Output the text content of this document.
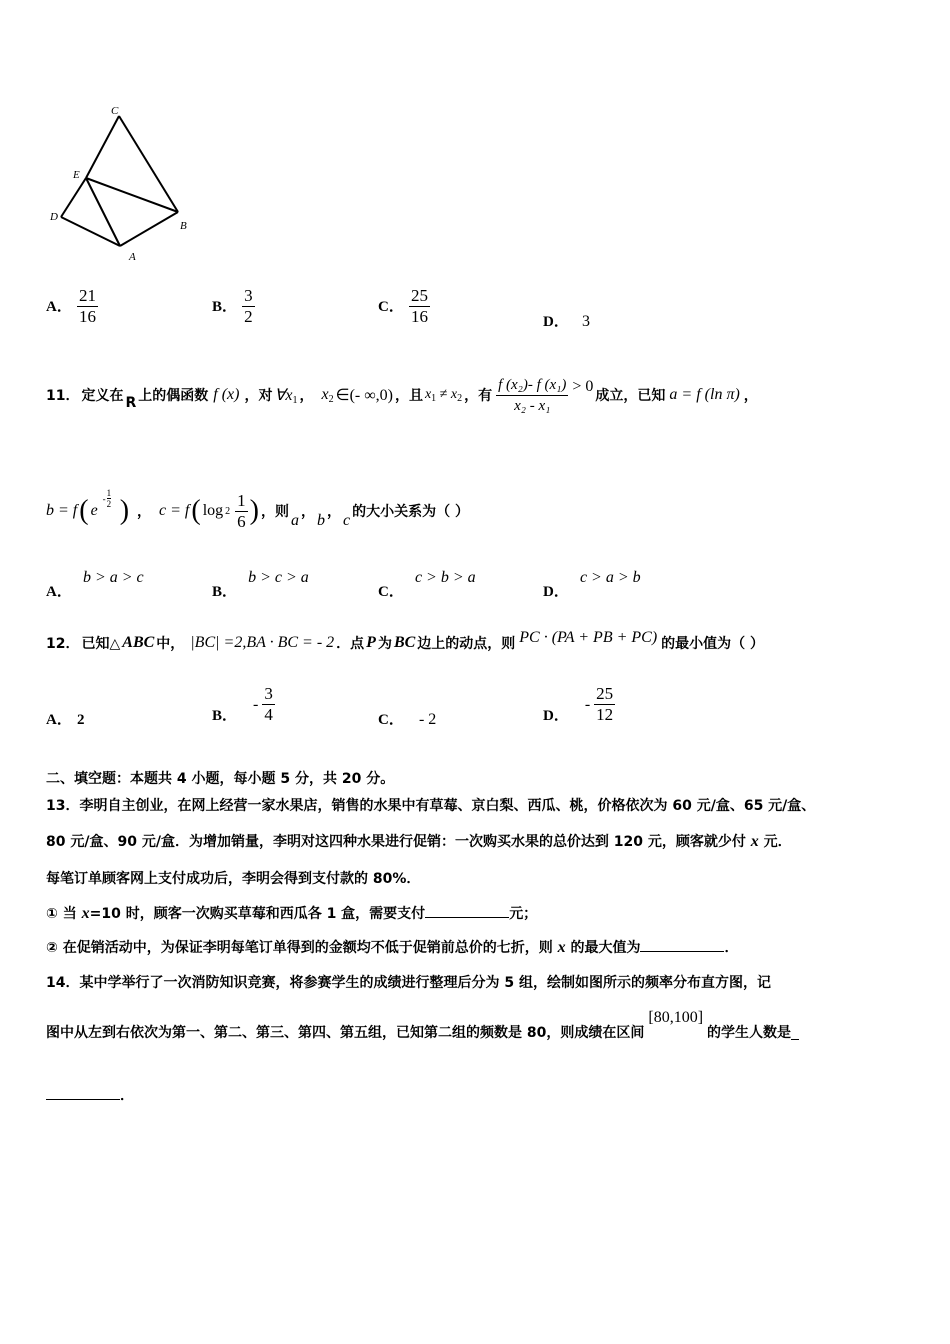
C
E
D
B
A
A． $\frac{21}{16}$	B． $\frac{3}{2}$	C． $\frac{25}{16}$	D． 3
11． 定义在 R 上的偶函数 f (x) ，对 $\forall x_1$ ， $x_2$ ∈(- ∞,0) ，且 $x_1 \ne x_2$ ，有 $\frac{\text{f (x₂)- f (x₁)}}{\text{x₂ - x₁}} > 0$
成立，已知 a = f (ln π) ，
b = f ( e
-
1
2 ) ， c = f ( $\log 2 \frac{1}{6}$ ) ，则 a ， b ， c 的大小关系为（ ）
A． b > a > c
B． b > c > a
C． c > b > a
D． c > a > b
12． 已知△ ABC 中， |BC| =2,BA · BC = - 2 ．点 P 为 BC 边上的动点，则 PC · (PA + PB + PC) 的最小值为（ ）
A． 2	B．
- $\frac{3}{4}$	C． - 2	D．
- $\frac{25}{12}$
二、填空题：本题共 4 小题，每小题 5 分，共 20 分。
13．李明自主创业，在网上经营一家水果店，销售的水果中有草莓、京白梨、西瓜、桃，价格依次为 60 元/盒、65 元/盒、
80 元/盒、90 元/盒．为增加销量，李明对这四种水果进行促销：一次购买水果的总价达到 120 元，顾客就少付 x 元．
每笔订单顾客网上支付成功后，李明会得到支付款的 80%．
① 当 x=10 时，顾客一次购买草莓和西瓜各 1 盒，需要支付	元；
② 在促销活动中，为保证李明每笔订单得到的金额均不低于促销前总价的七折，则 x 的最大值为	．
14．某中学举行了一次消防知识竞赛，将参赛学生的成绩进行整理后分为 5 组，绘制如图所示的频率分布直方图，记
图中从左到右依次为第一、第二、第三、第四、第五组，已知第二组的频数是 80，则成绩在区间
[80,100]
的学生人数是
．
